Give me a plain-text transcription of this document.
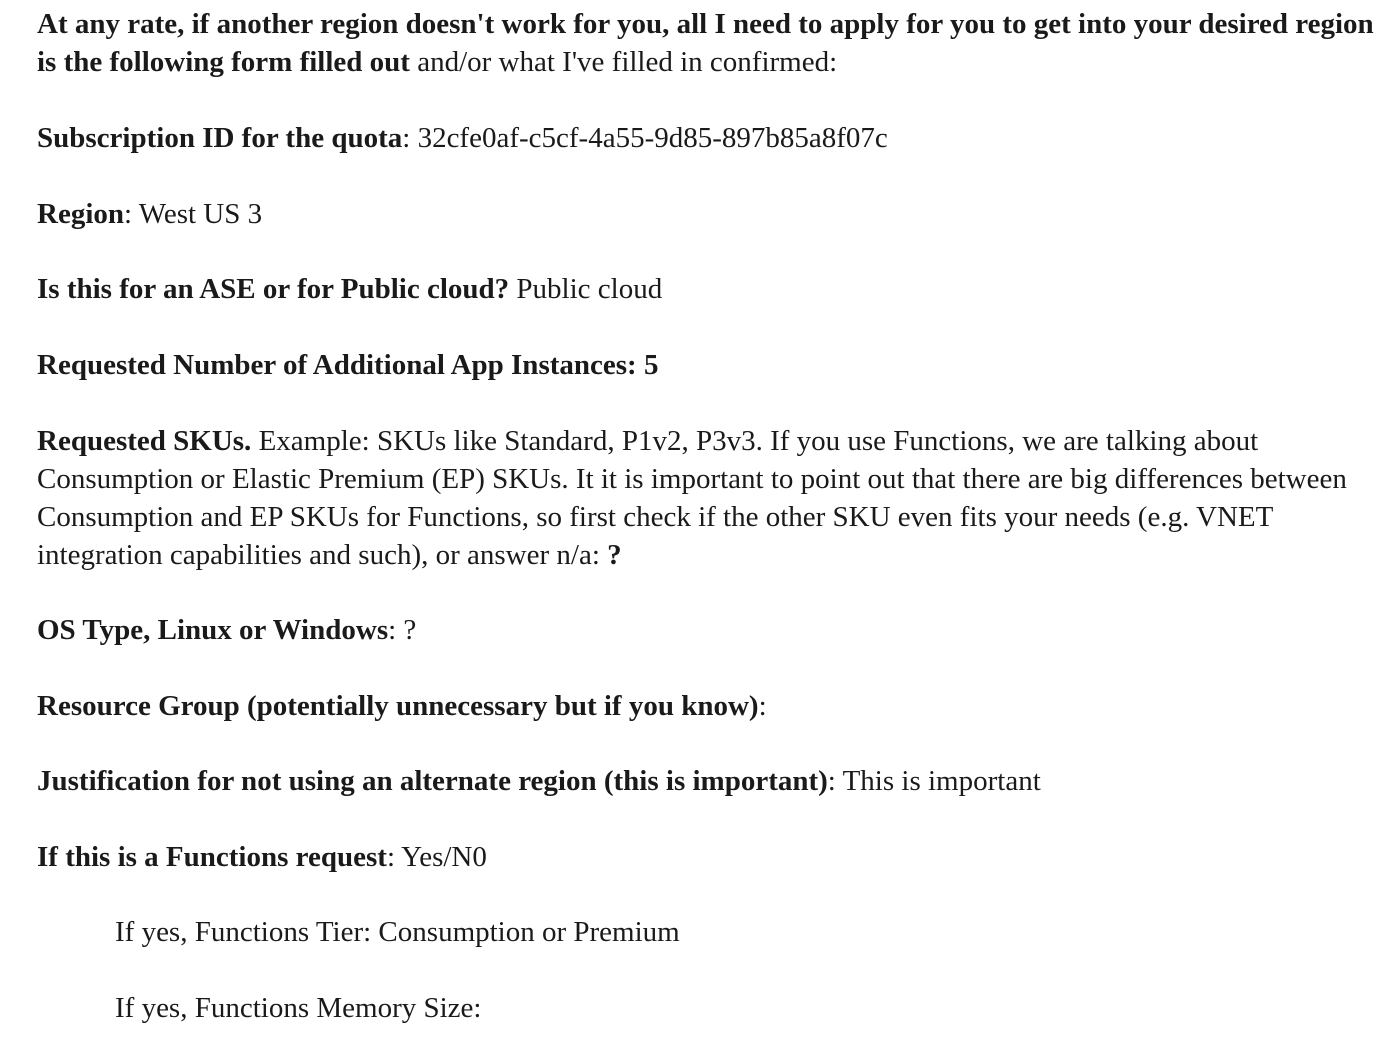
At any rate, if another region doesn't work for you, all I need to apply for you to get into your desired region is the following form filled out and/or what I've filled in confirmed:

Subscription ID for the quota: 32cfe0af-c5cf-4a55-9d85-897b85a8f07c

Region: West US 3

Is this for an ASE or for Public cloud? Public cloud

Requested Number of Additional App Instances: 5

Requested SKUs. Example: SKUs like Standard, P1v2, P3v3. If you use Functions, we are talking about Consumption or Elastic Premium (EP) SKUs. It it is important to point out that there are big differences between Consumption and EP SKUs for Functions, so first check if the other SKU even fits your needs (e.g. VNET integration capabilities and such), or answer n/a: ?

OS Type, Linux or Windows: ?

Resource Group (potentially unnecessary but if you know):

Justification for not using an alternate region (this is important): This is important

If this is a Functions request: Yes/N0

If yes, Functions Tier: Consumption or Premium

If yes, Functions Memory Size:
